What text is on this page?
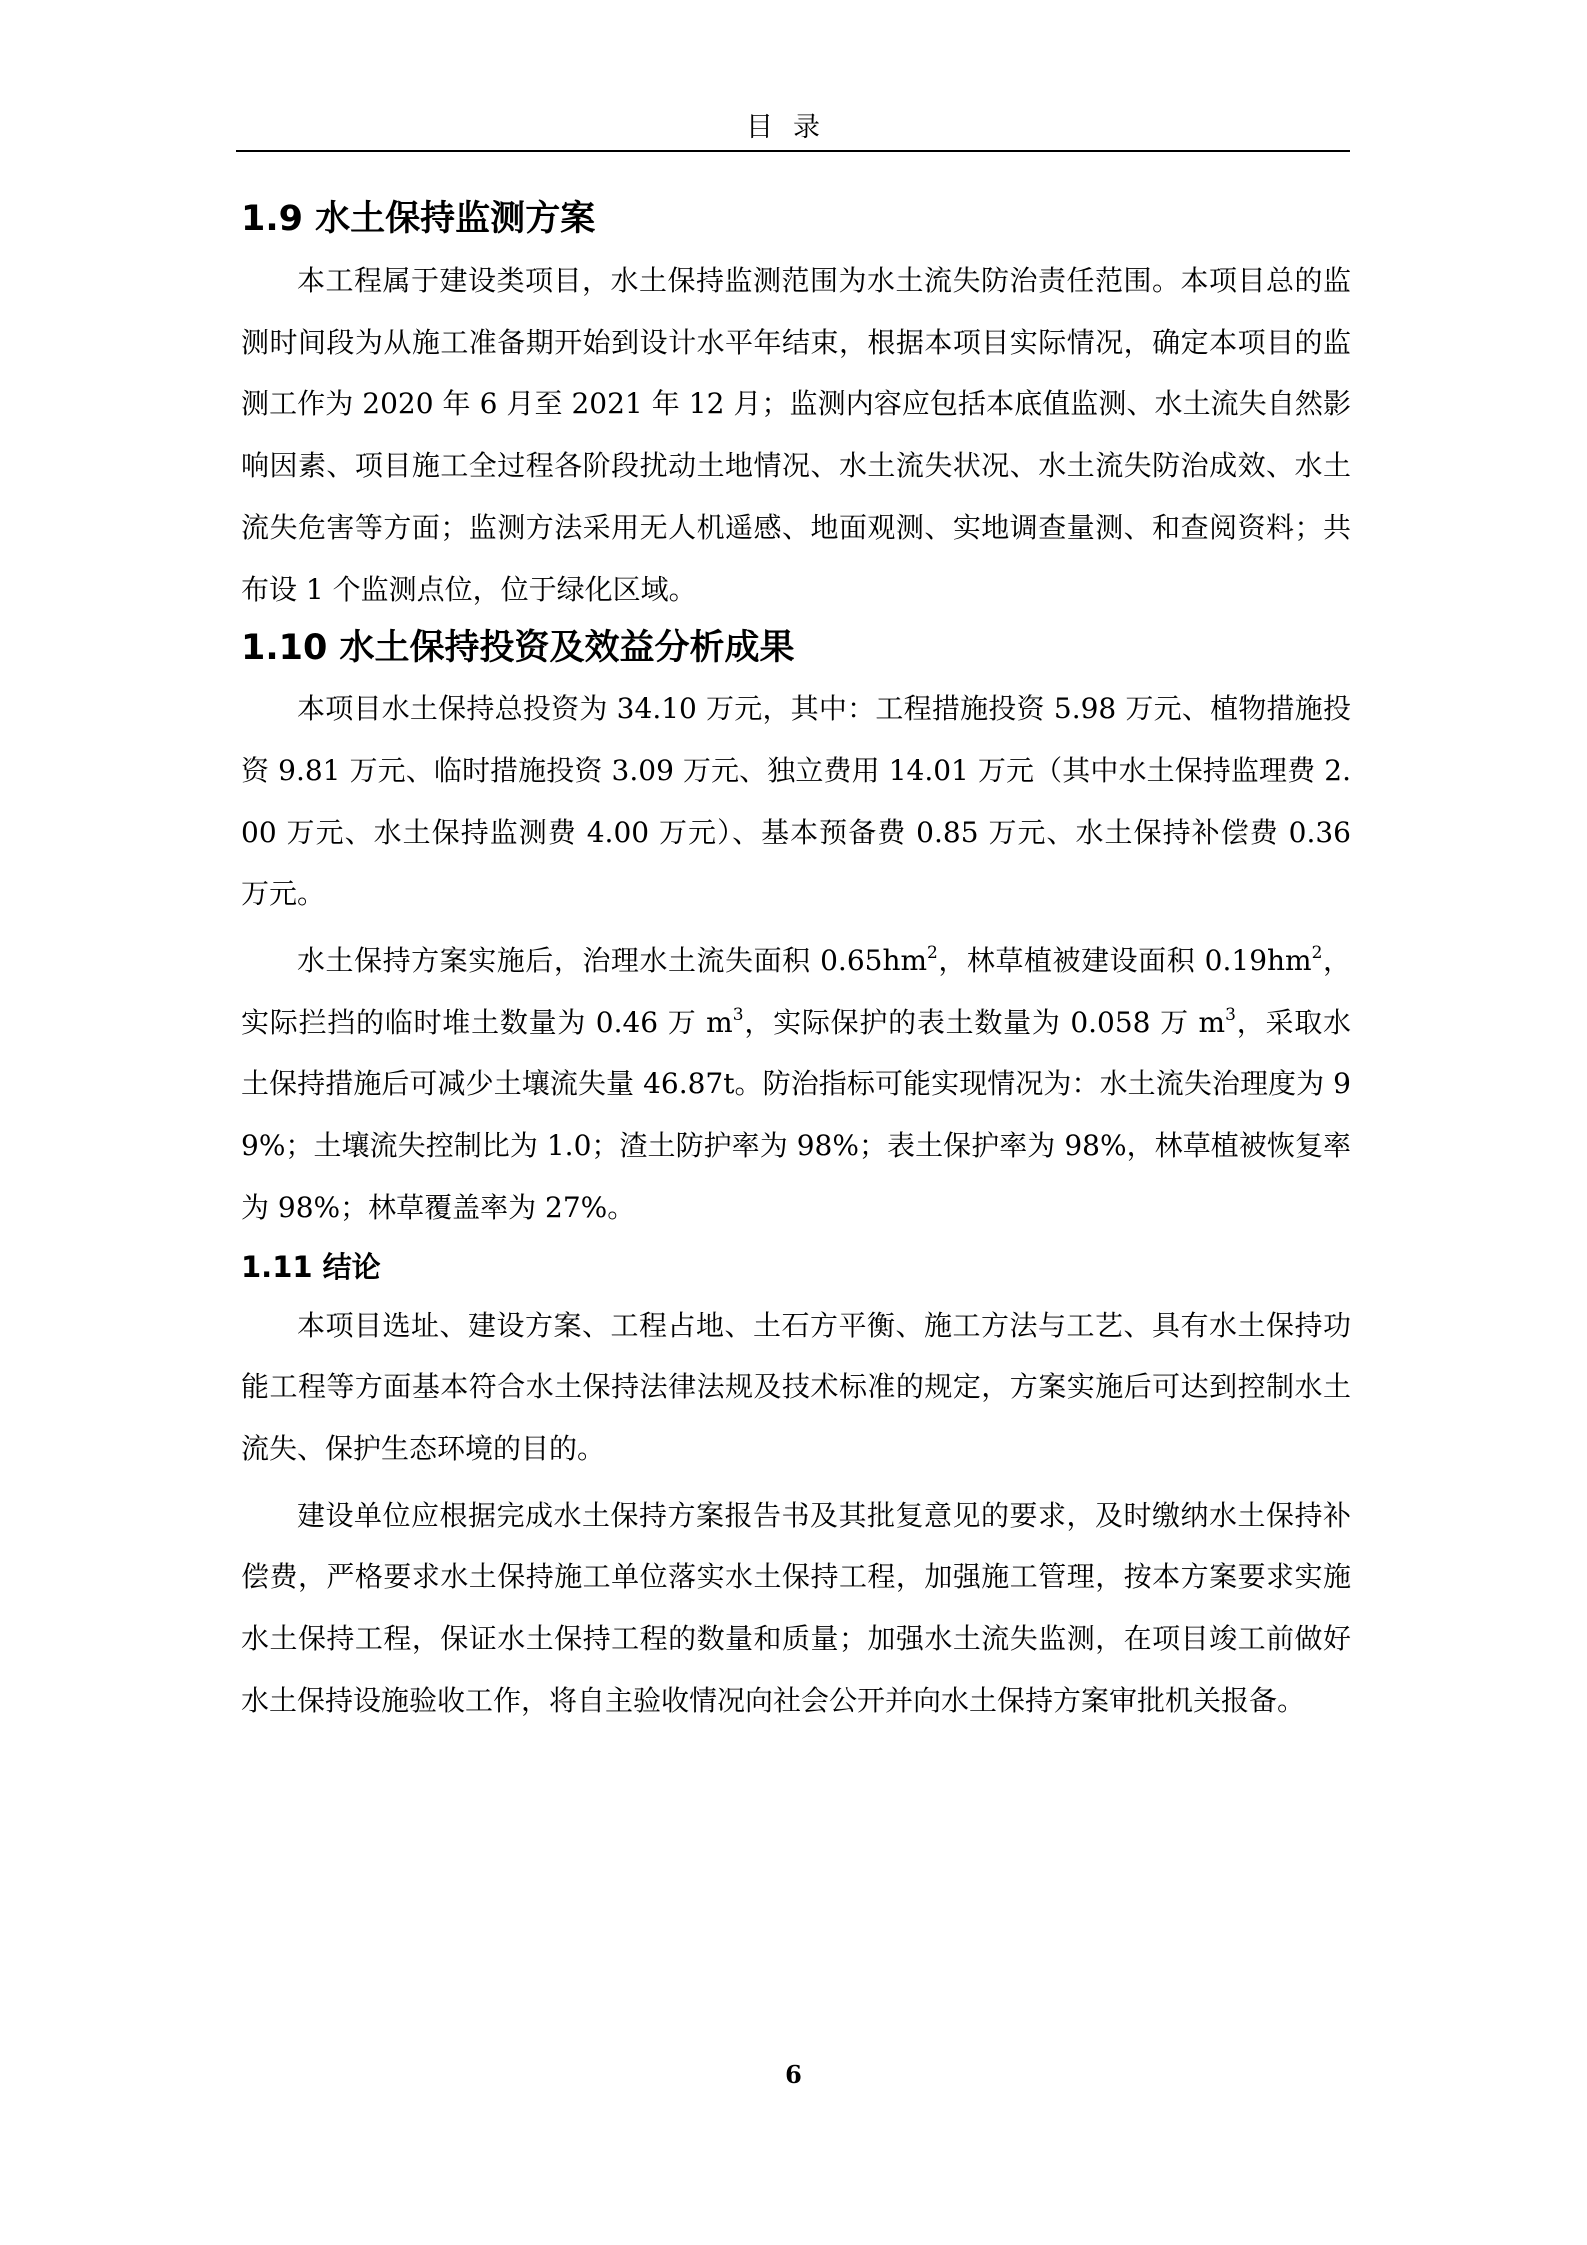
目录
1.9 水土保持监测方案

本工程属于建设类项目，水土保持监测范围为水土流失防治责任范围。本项目总的监测时间段为从施工准备期开始到设计水平年结束，根据本项目实际情况，确定本项目的监测工作为 2020 年 6 月至 2021 年 12 月；监测内容应包括本底值监测、水土流失自然影响因素、项目施工全过程各阶段扰动土地情况、水土流失状况、水土流失防治成效、水土流失危害等方面；监测方法采用无人机遥感、地面观测、实地调查量测、和查阅资料；共布设 1 个监测点位，位于绿化区域。

1.10 水土保持投资及效益分析成果

本项目水土保持总投资为 34.10 万元，其中：工程措施投资 5.98 万元、植物措施投资 9.81 万元、临时措施投资 3.09 万元、独立费用 14.01 万元（其中水土保持监理费 2.00 万元、水土保持监测费 4.00 万元）、基本预备费 0.85 万元、水土保持补偿费 0.36 万元。

水土保持方案实施后，治理水土流失面积 $0.65hm^2$，林草植被建设面积 $0.19hm^2$，实际拦挡的临时堆土数量为 0.46 万 $m^3$，实际保护的表土数量为 0.058 万 $m^3$，采取水土保持措施后可减少土壤流失量 46.87t。防治指标可能实现情况为：水土流失治理度为 99%；土壤流失控制比为 1.0；渣土防护率为 98%；表土保护率为 98%，林草植被恢复率为 98%；林草覆盖率为 27%。

1.11 结论

本项目选址、建设方案、工程占地、土石方平衡、施工方法与工艺、具有水土保持功能工程等方面基本符合水土保持法律法规及技术标准的规定，方案实施后可达到控制水土流失、保护生态环境的目的。

建设单位应根据完成水土保持方案报告书及其批复意见的要求，及时缴纳水土保持补偿费，严格要求水土保持施工单位落实水土保持工程，加强施工管理，按本方案要求实施水土保持工程，保证水土保持工程的数量和质量；加强水土流失监测，在项目竣工前做好水土保持设施验收工作，将自主验收情况向社会公开并向水土保持方案审批机关报备。

6
